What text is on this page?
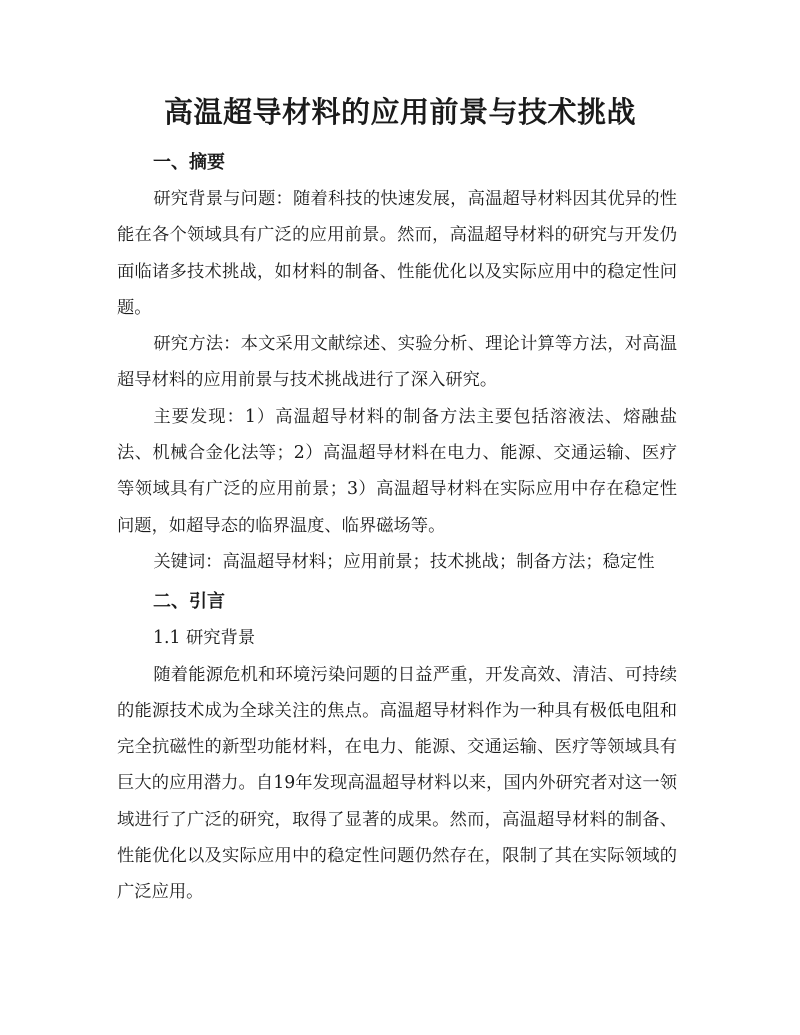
高温超导材料的应用前景与技术挑战
一、摘要

研究背景与问题：随着科技的快速发展，高温超导材料因其优异的性能在各个领域具有广泛的应用前景。然而，高温超导材料的研究与开发仍面临诸多技术挑战，如材料的制备、性能优化以及实际应用中的稳定性问题。

研究方法：本文采用文献综述、实验分析、理论计算等方法，对高温超导材料的应用前景与技术挑战进行了深入研究。

主要发现：1）高温超导材料的制备方法主要包括溶液法、熔融盐法、机械合金化法等；2）高温超导材料在电力、能源、交通运输、医疗等领域具有广泛的应用前景；3）高温超导材料在实际应用中存在稳定性问题，如超导态的临界温度、临界磁场等。

关键词：高温超导材料；应用前景；技术挑战；制备方法；稳定性

二、引言

1.1 研究背景

随着能源危机和环境污染问题的日益严重，开发高效、清洁、可持续的能源技术成为全球关注的焦点。高温超导材料作为一种具有极低电阻和完全抗磁性的新型功能材料，在电力、能源、交通运输、医疗等领域具有巨大的应用潜力。自19年发现高温超导材料以来，国内外研究者对这一领域进行了广泛的研究，取得了显著的成果。然而，高温超导材料的制备、性能优化以及实际应用中的稳定性问题仍然存在，限制了其在实际领域的广泛应用。
